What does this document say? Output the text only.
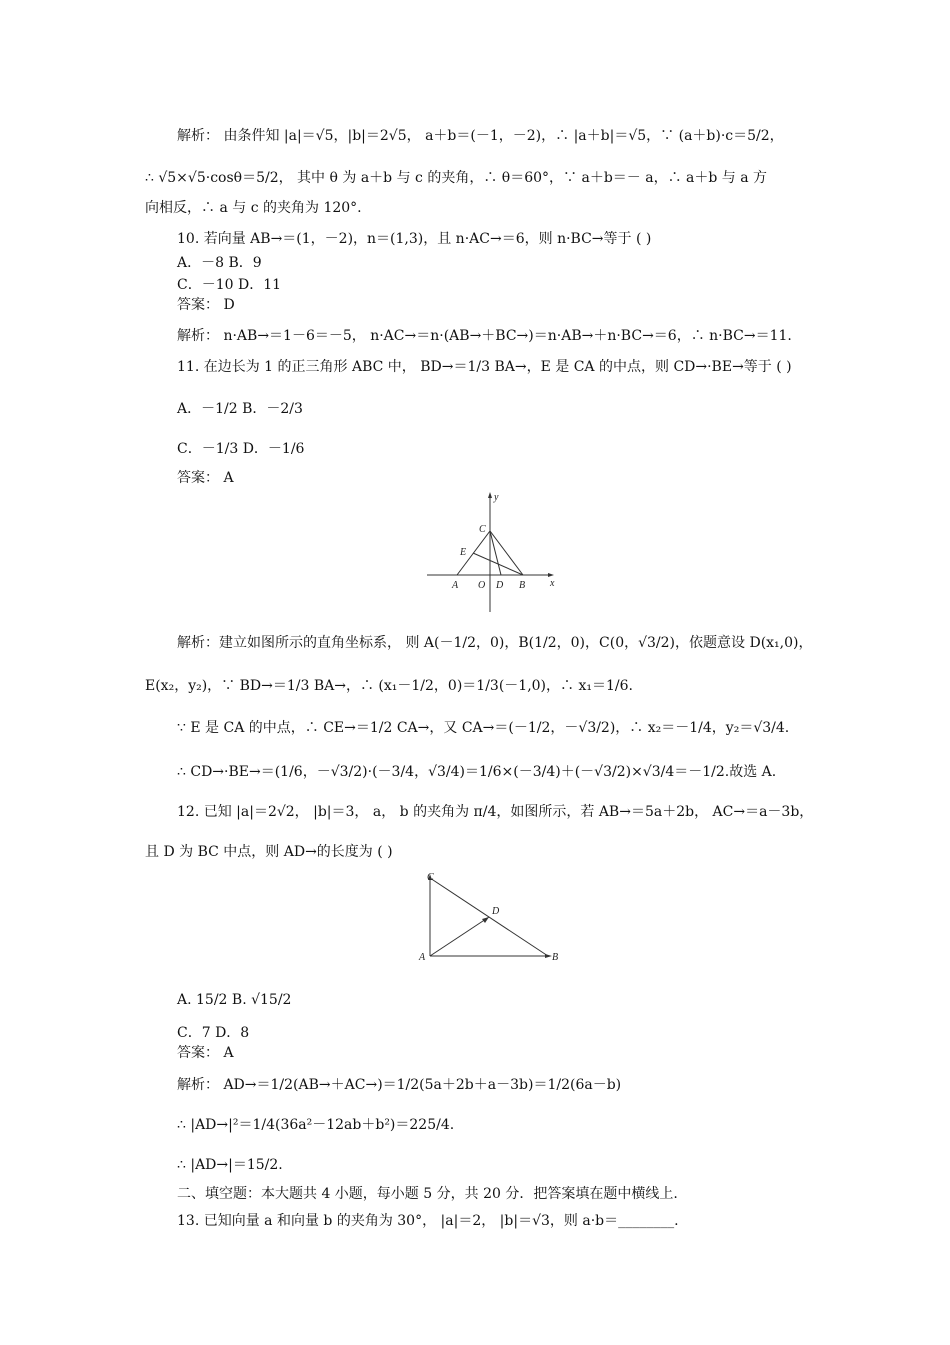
解析： 由条件知 |a|＝√5，|b|＝2√5， a＋b＝(－1，－2)，∴ |a＋b|＝√5，∵ (a＋b)·c＝5/2，
∴ √5×√5·cosθ＝5/2， 其中 θ 为 a＋b 与 c 的夹角，∴ θ＝60°，∵ a＋b＝－ a，∴ a＋b 与 a 方
向相反，∴ a 与 c 的夹角为 120°.
10. 若向量 AB→＝(1，－2)，n＝(1,3)，且 n·AC→＝6，则 n·BC→等于 ( )
A．－8 B．9
C．－10 D．11
答案： D
解析： n·AB→＝1－6＝－5， n·AC→＝n·(AB→＋BC→)＝n·AB→＋n·BC→＝6，∴ n·BC→＝11.
11. 在边长为 1 的正三角形 ABC 中， BD→＝1/3 BA→，E 是 CA 的中点，则 CD→·BE→等于 ( )
A．－1/2 B．－2/3
C．－1/3 D．－1/6
答案： A
y
C
E
A O D B x
解析：建立如图所示的直角坐标系， 则 A(－1/2，0)，B(1/2，0)，C(0，√3/2)，依题意设 D(x₁,0)，
E(x₂，y₂)，∵ BD→＝1/3 BA→，∴ (x₁－1/2，0)＝1/3(－1,0)，∴ x₁＝1/6.
∵ E 是 CA 的中点，∴ CE→＝1/2 CA→，又 CA→＝(－1/2，－√3/2)，∴ x₂＝－1/4，y₂＝√3/4.
∴ CD→·BE→＝(1/6，－√3/2)·(－3/4，√3/4)＝1/6×(－3/4)＋(－√3/2)×√3/4＝－1/2.故选 A.
12. 已知 |a|＝2√2， |b|＝3， a， b 的夹角为 π/4，如图所示，若 AB→＝5a＋2b， AC→＝a－3b，
且 D 为 BC 中点，则 AD→的长度为 ( )
C
D
A	B
A. 15/2 B. √15/2
C．7 D．8
答案： A
解析： AD→＝1/2(AB→＋AC→)＝1/2(5a＋2b＋a－3b)＝1/2(6a－b)
∴ |AD→|²＝1/4(36a²－12ab＋b²)＝225/4.
∴ |AD→|＝15/2.
二、填空题：本大题共 4 小题，每小题 5 分，共 20 分．把答案填在题中横线上.
13. 已知向量 a 和向量 b 的夹角为 30°， |a|＝2， |b|＝√3，则 a·b＝________.
